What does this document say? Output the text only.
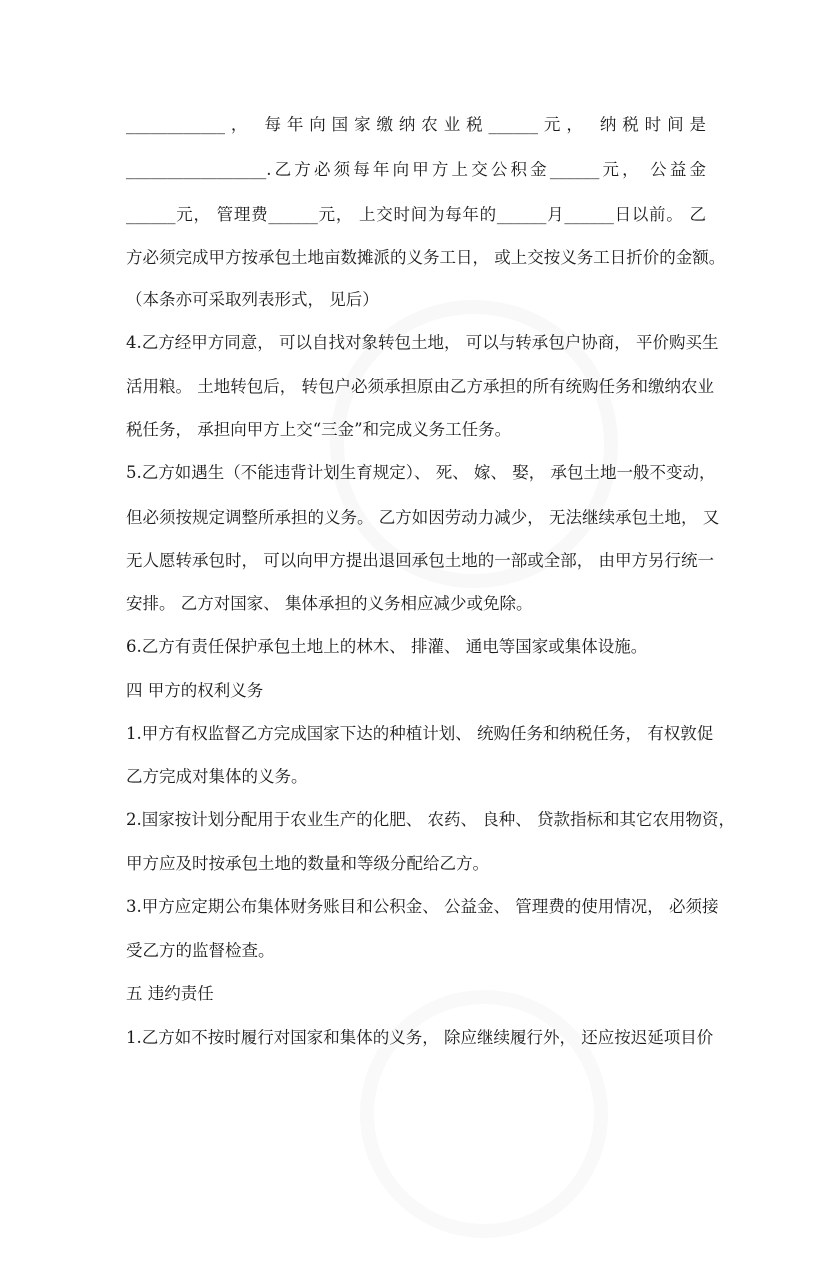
____________， 每年向国家缴纳农业税______元， 纳税时间是
_________________.乙方必须每年向甲方上交公积金______元， 公益金
______元， 管理费______元， 上交时间为每年的______月______日以前。 乙
方必须完成甲方按承包土地亩数摊派的义务工日， 或上交按义务工日折价的金额。
（本条亦可采取列表形式， 见后）
4.乙方经甲方同意， 可以自找对象转包土地， 可以与转承包户协商， 平价购买生
活用粮。 土地转包后， 转包户必须承担原由乙方承担的所有统购任务和缴纳农业
税任务， 承担向甲方上交“三金”和完成义务工任务。
5.乙方如遇生（不能违背计划生育规定）、 死、 嫁、 娶， 承包土地一般不变动，
但必须按规定调整所承担的义务。 乙方如因劳动力减少， 无法继续承包土地， 又
无人愿转承包时， 可以向甲方提出退回承包土地的一部或全部， 由甲方另行统一
安排。 乙方对国家、 集体承担的义务相应减少或免除。
6.乙方有责任保护承包土地上的林木、 排灌、 通电等国家或集体设施。
四 甲方的权利义务
1.甲方有权监督乙方完成国家下达的种植计划、 统购任务和纳税任务， 有权敦促
乙方完成对集体的义务。
2.国家按计划分配用于农业生产的化肥、 农药、 良种、 贷款指标和其它农用物资，
甲方应及时按承包土地的数量和等级分配给乙方。
3.甲方应定期公布集体财务账目和公积金、 公益金、 管理费的使用情况， 必须接
受乙方的监督检查。
五 违约责任
1.乙方如不按时履行对国家和集体的义务， 除应继续履行外， 还应按迟延项目价
